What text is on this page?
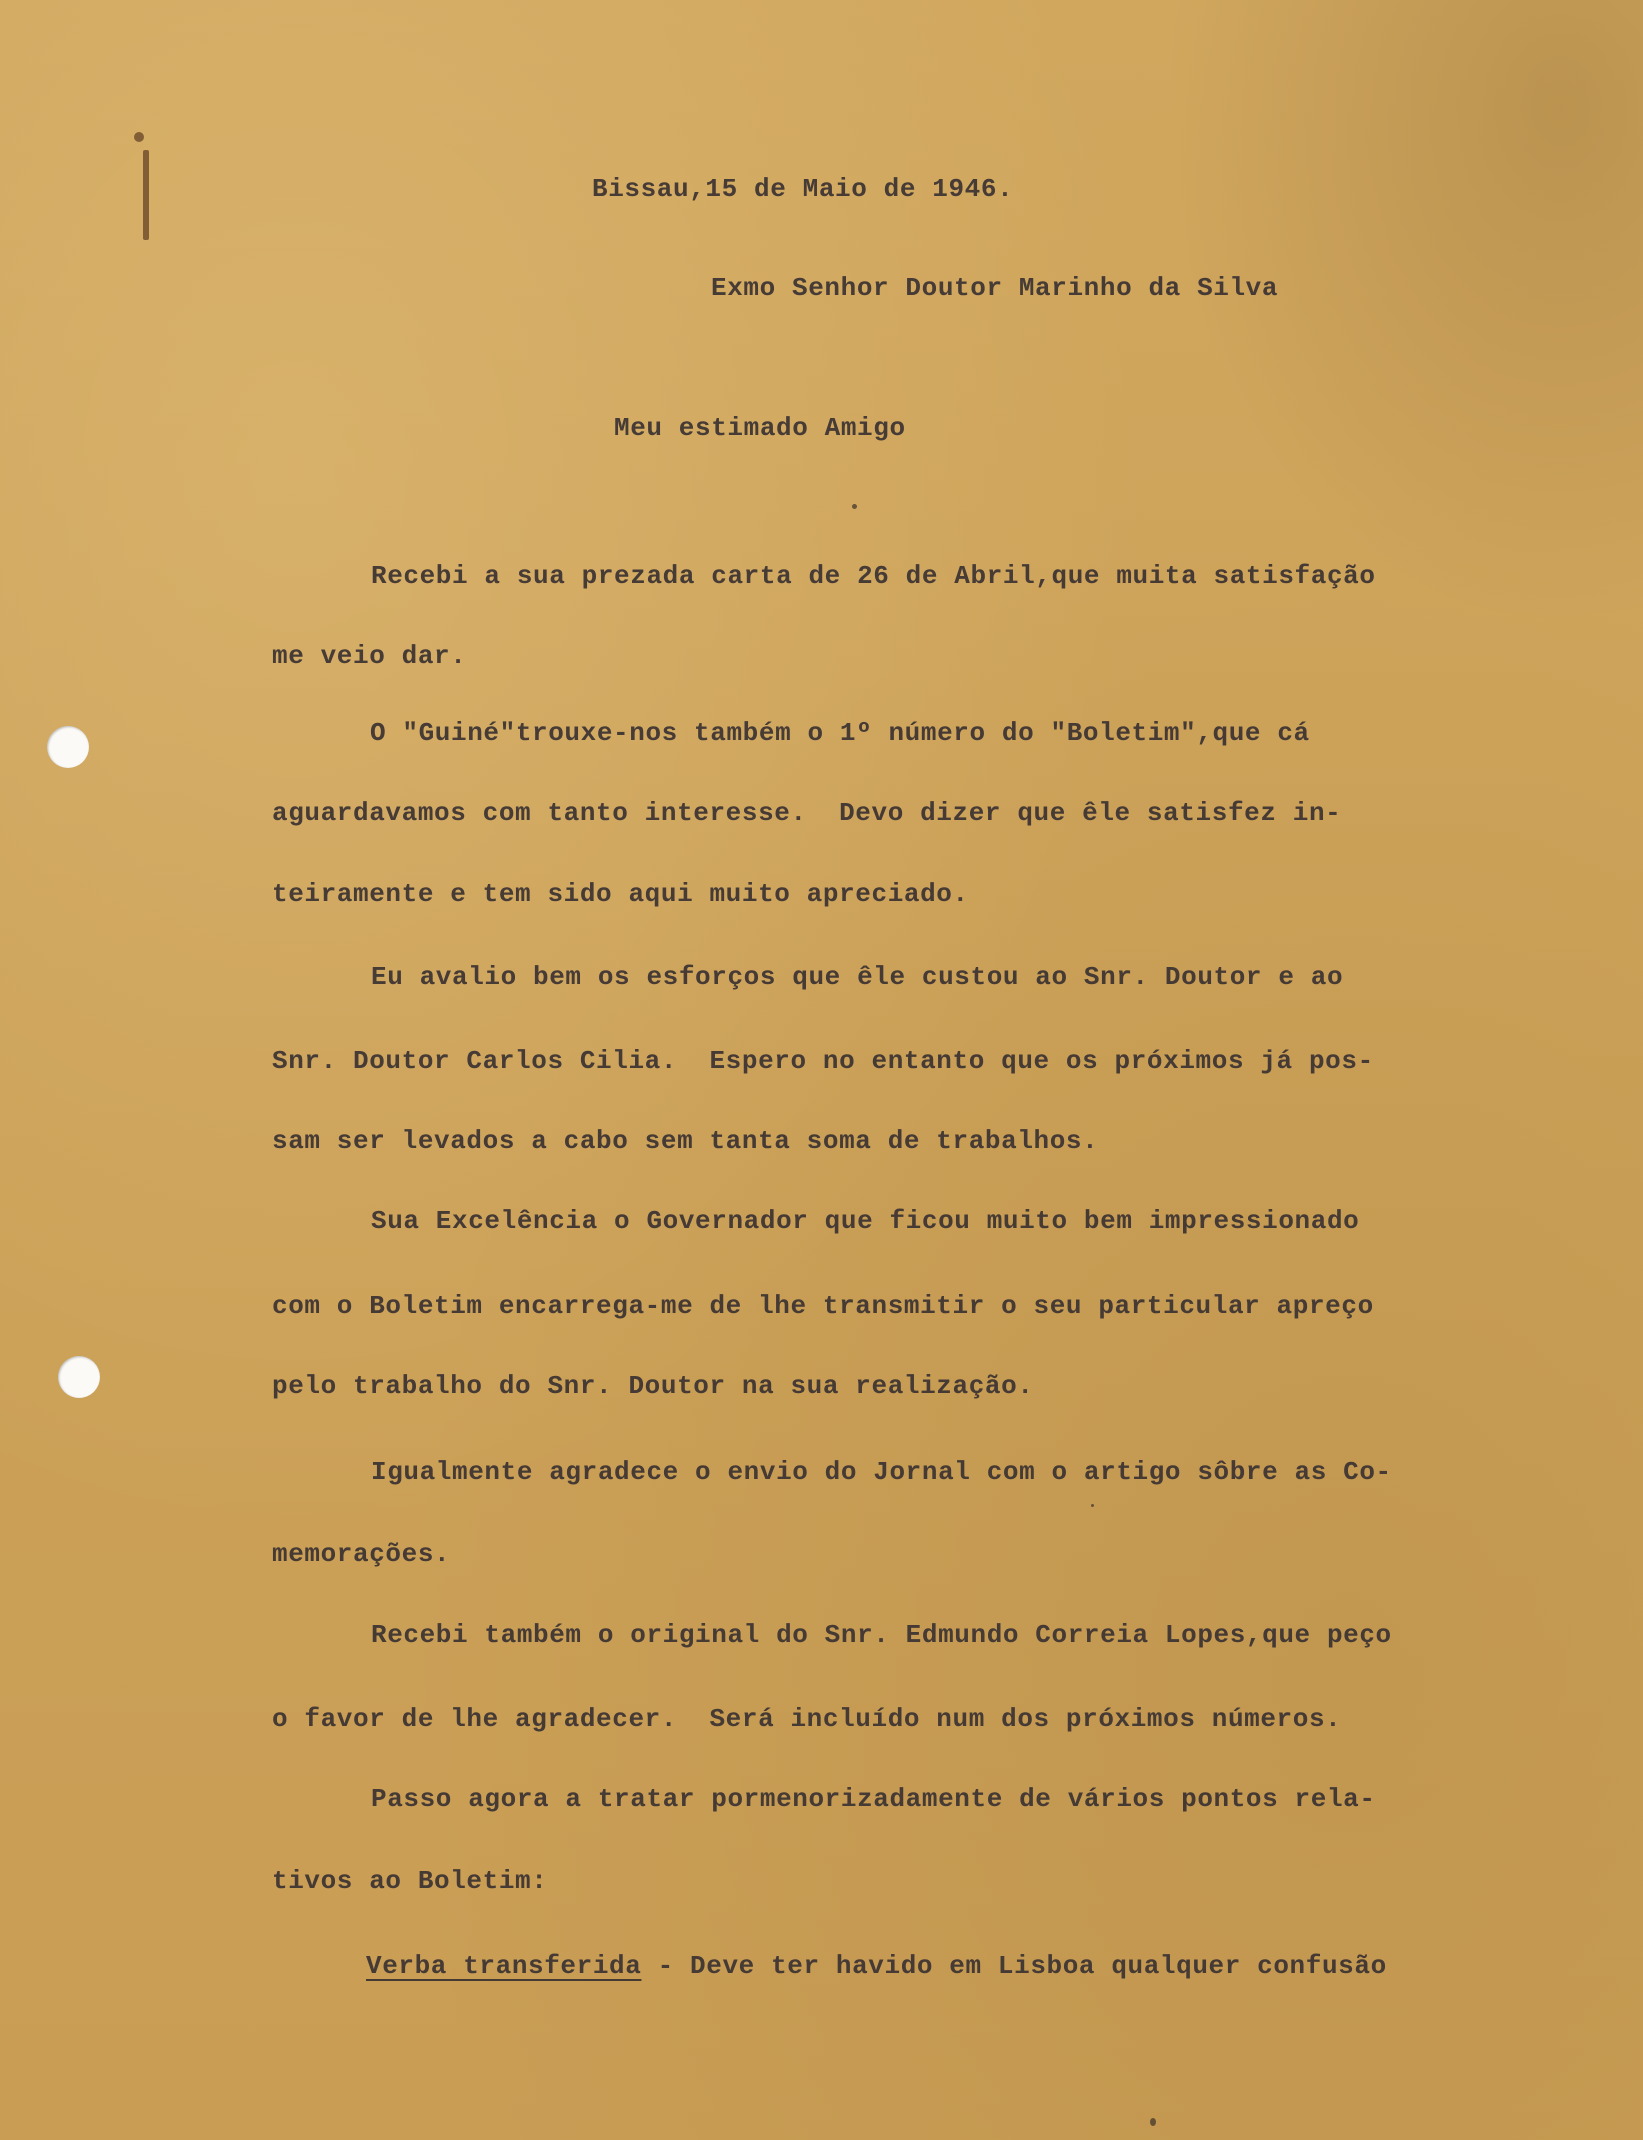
Bissau,15 de Maio de 1946.
Exmo Senhor Doutor Marinho da Silva
Meu estimado Amigo
Recebi a sua prezada carta de 26 de Abril,que muita satisfação
me veio dar.
O "Guiné"trouxe-nos também o 1º número do "Boletim",que cá
aguardavamos com tanto interesse.  Devo dizer que êle satisfez in-
teiramente e tem sido aqui muito apreciado.
Eu avalio bem os esforços que êle custou ao Snr. Doutor e ao
Snr. Doutor Carlos Cilia.  Espero no entanto que os próximos já pos-
sam ser levados a cabo sem tanta soma de trabalhos.
Sua Excelência o Governador que ficou muito bem impressionado
com o Boletim encarrega-me de lhe transmitir o seu particular apreço
pelo trabalho do Snr. Doutor na sua realização.
Igualmente agradece o envio do Jornal com o artigo sôbre as Co-
memorações.
Recebi também o original do Snr. Edmundo Correia Lopes,que peço
o favor de lhe agradecer.  Será incluído num dos próximos números.
Passo agora a tratar pormenorizadamente de vários pontos rela-
tivos ao Boletim:
Verba transferida - Deve ter havido em Lisboa qualquer confusão
